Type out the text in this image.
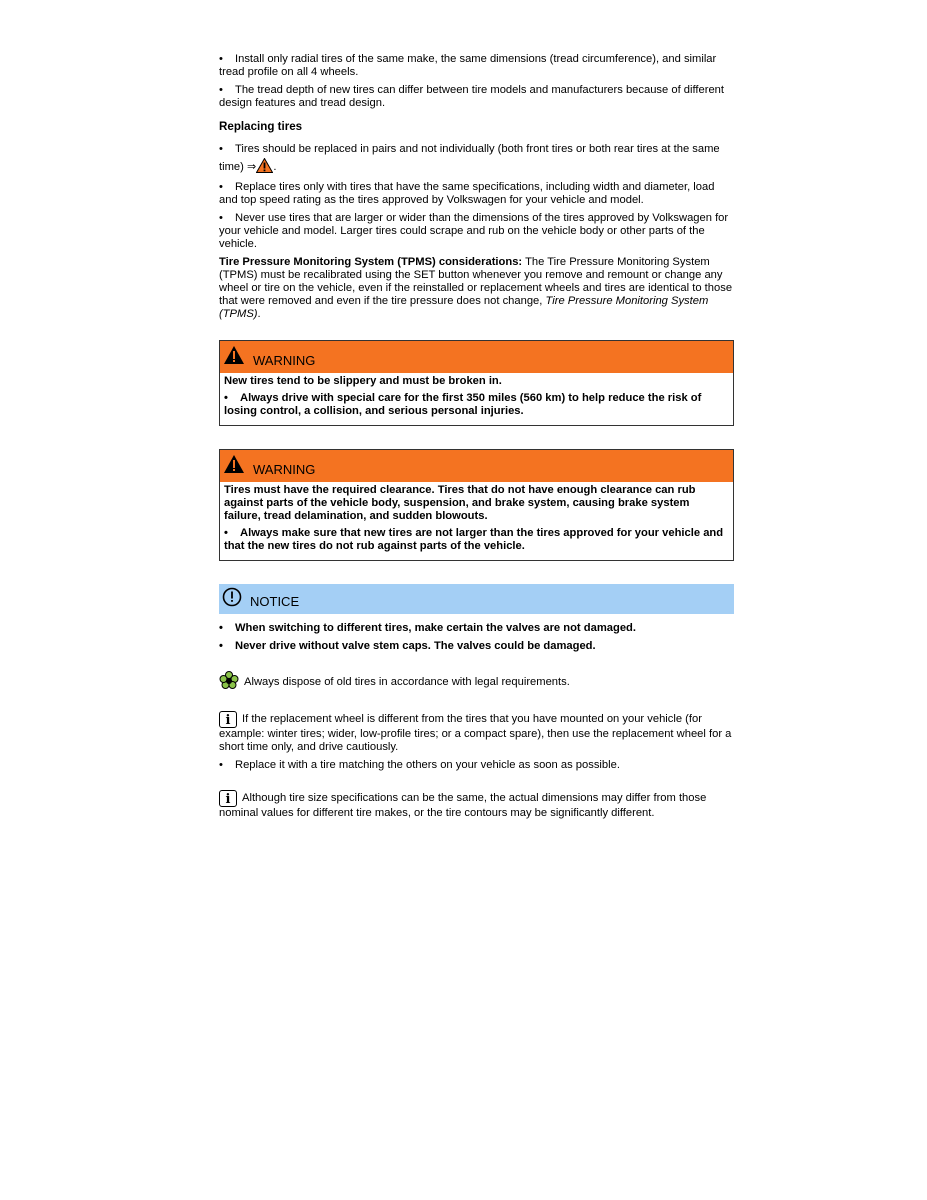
• Install only radial tires of the same make, the same dimensions (tread circumference), and similar tread profile on all 4 wheels.

• The tread depth of new tires can differ between tire models and manufacturers because of different design features and tread design.

Replacing tires

• Tires should be replaced in pairs and not individually (both front tires or both rear tires at the same time) ⇒ .

• Replace tires only with tires that have the same specifications, including width and diameter, load and top speed rating as the tires approved by Volkswagen for your vehicle and model.

• Never use tires that are larger or wider than the dimensions of the tires approved by Volkswagen for your vehicle and model. Larger tires could scrape and rub on the vehicle body or other parts of the vehicle.

Tire Pressure Monitoring System (TPMS) considerations: The Tire Pressure Monitoring System (TPMS) must be recalibrated using the SET button whenever you remove and remount or change any wheel or tire on the vehicle, even if the reinstalled or replacement wheels and tires are identical to those that were removed and even if the tire pressure does not change, Tire Pressure Monitoring System (TPMS).

WARNING

New tires tend to be slippery and must be broken in.

• Always drive with special care for the first 350 miles (560 km) to help reduce the risk of losing control, a collision, and serious personal injuries.

WARNING

Tires must have the required clearance. Tires that do not have enough clearance can rub against parts of the vehicle body, suspension, and brake system, causing brake system failure, tread delamination, and sudden blowouts.

• Always make sure that new tires are not larger than the tires approved for your vehicle and that the new tires do not rub against parts of the vehicle.

NOTICE

• When switching to different tires, make certain the valves are not damaged.

• Never drive without valve stem caps. The valves could be damaged.

Always dispose of old tires in accordance with legal requirements.

i If the replacement wheel is different from the tires that you have mounted on your vehicle (for example: winter tires; wider, low-profile tires; or a compact spare), then use the replacement wheel for a short time only, and drive cautiously.

• Replace it with a tire matching the others on your vehicle as soon as possible.

i Although tire size specifications can be the same, the actual dimensions may differ from those nominal values for different tire makes, or the tire contours may be significantly different.
